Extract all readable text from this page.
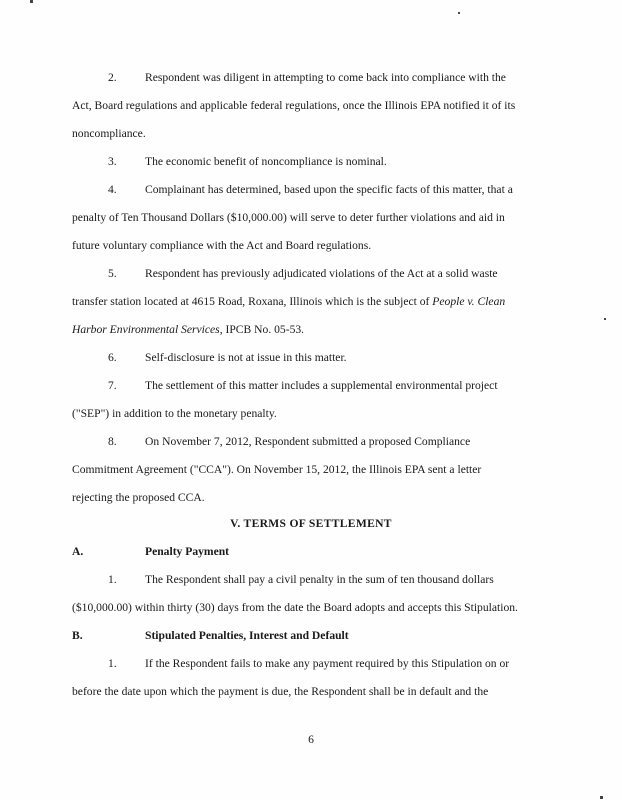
2. Respondent was diligent in attempting to come back into compliance with the
Act, Board regulations and applicable federal regulations, once the Illinois EPA notified it of its
noncompliance.
3. The economic benefit of noncompliance is nominal.
4. Complainant has determined, based upon the specific facts of this matter, that a
penalty of Ten Thousand Dollars ($10,000.00) will serve to deter further violations and aid in
future voluntary compliance with the Act and Board regulations.
5. Respondent has previously adjudicated violations of the Act at a solid waste
transfer station located at 4615 Road, Roxana, Illinois which is the subject of People v. Clean
Harbor Environmental Services, IPCB No. 05-53.
6. Self-disclosure is not at issue in this matter.
7. The settlement of this matter includes a supplemental environmental project
("SEP") in addition to the monetary penalty.
8. On November 7, 2012, Respondent submitted a proposed Compliance
Commitment Agreement ("CCA"). On November 15, 2012, the Illinois EPA sent a letter
rejecting the proposed CCA.
V. TERMS OF SETTLEMENT
A.	Penalty Payment
1. The Respondent shall pay a civil penalty in the sum of ten thousand dollars
($10,000.00) within thirty (30) days from the date the Board adopts and accepts this Stipulation.
B.	Stipulated Penalties, Interest and Default
1. If the Respondent fails to make any payment required by this Stipulation on or
before the date upon which the payment is due, the Respondent shall be in default and the
6
